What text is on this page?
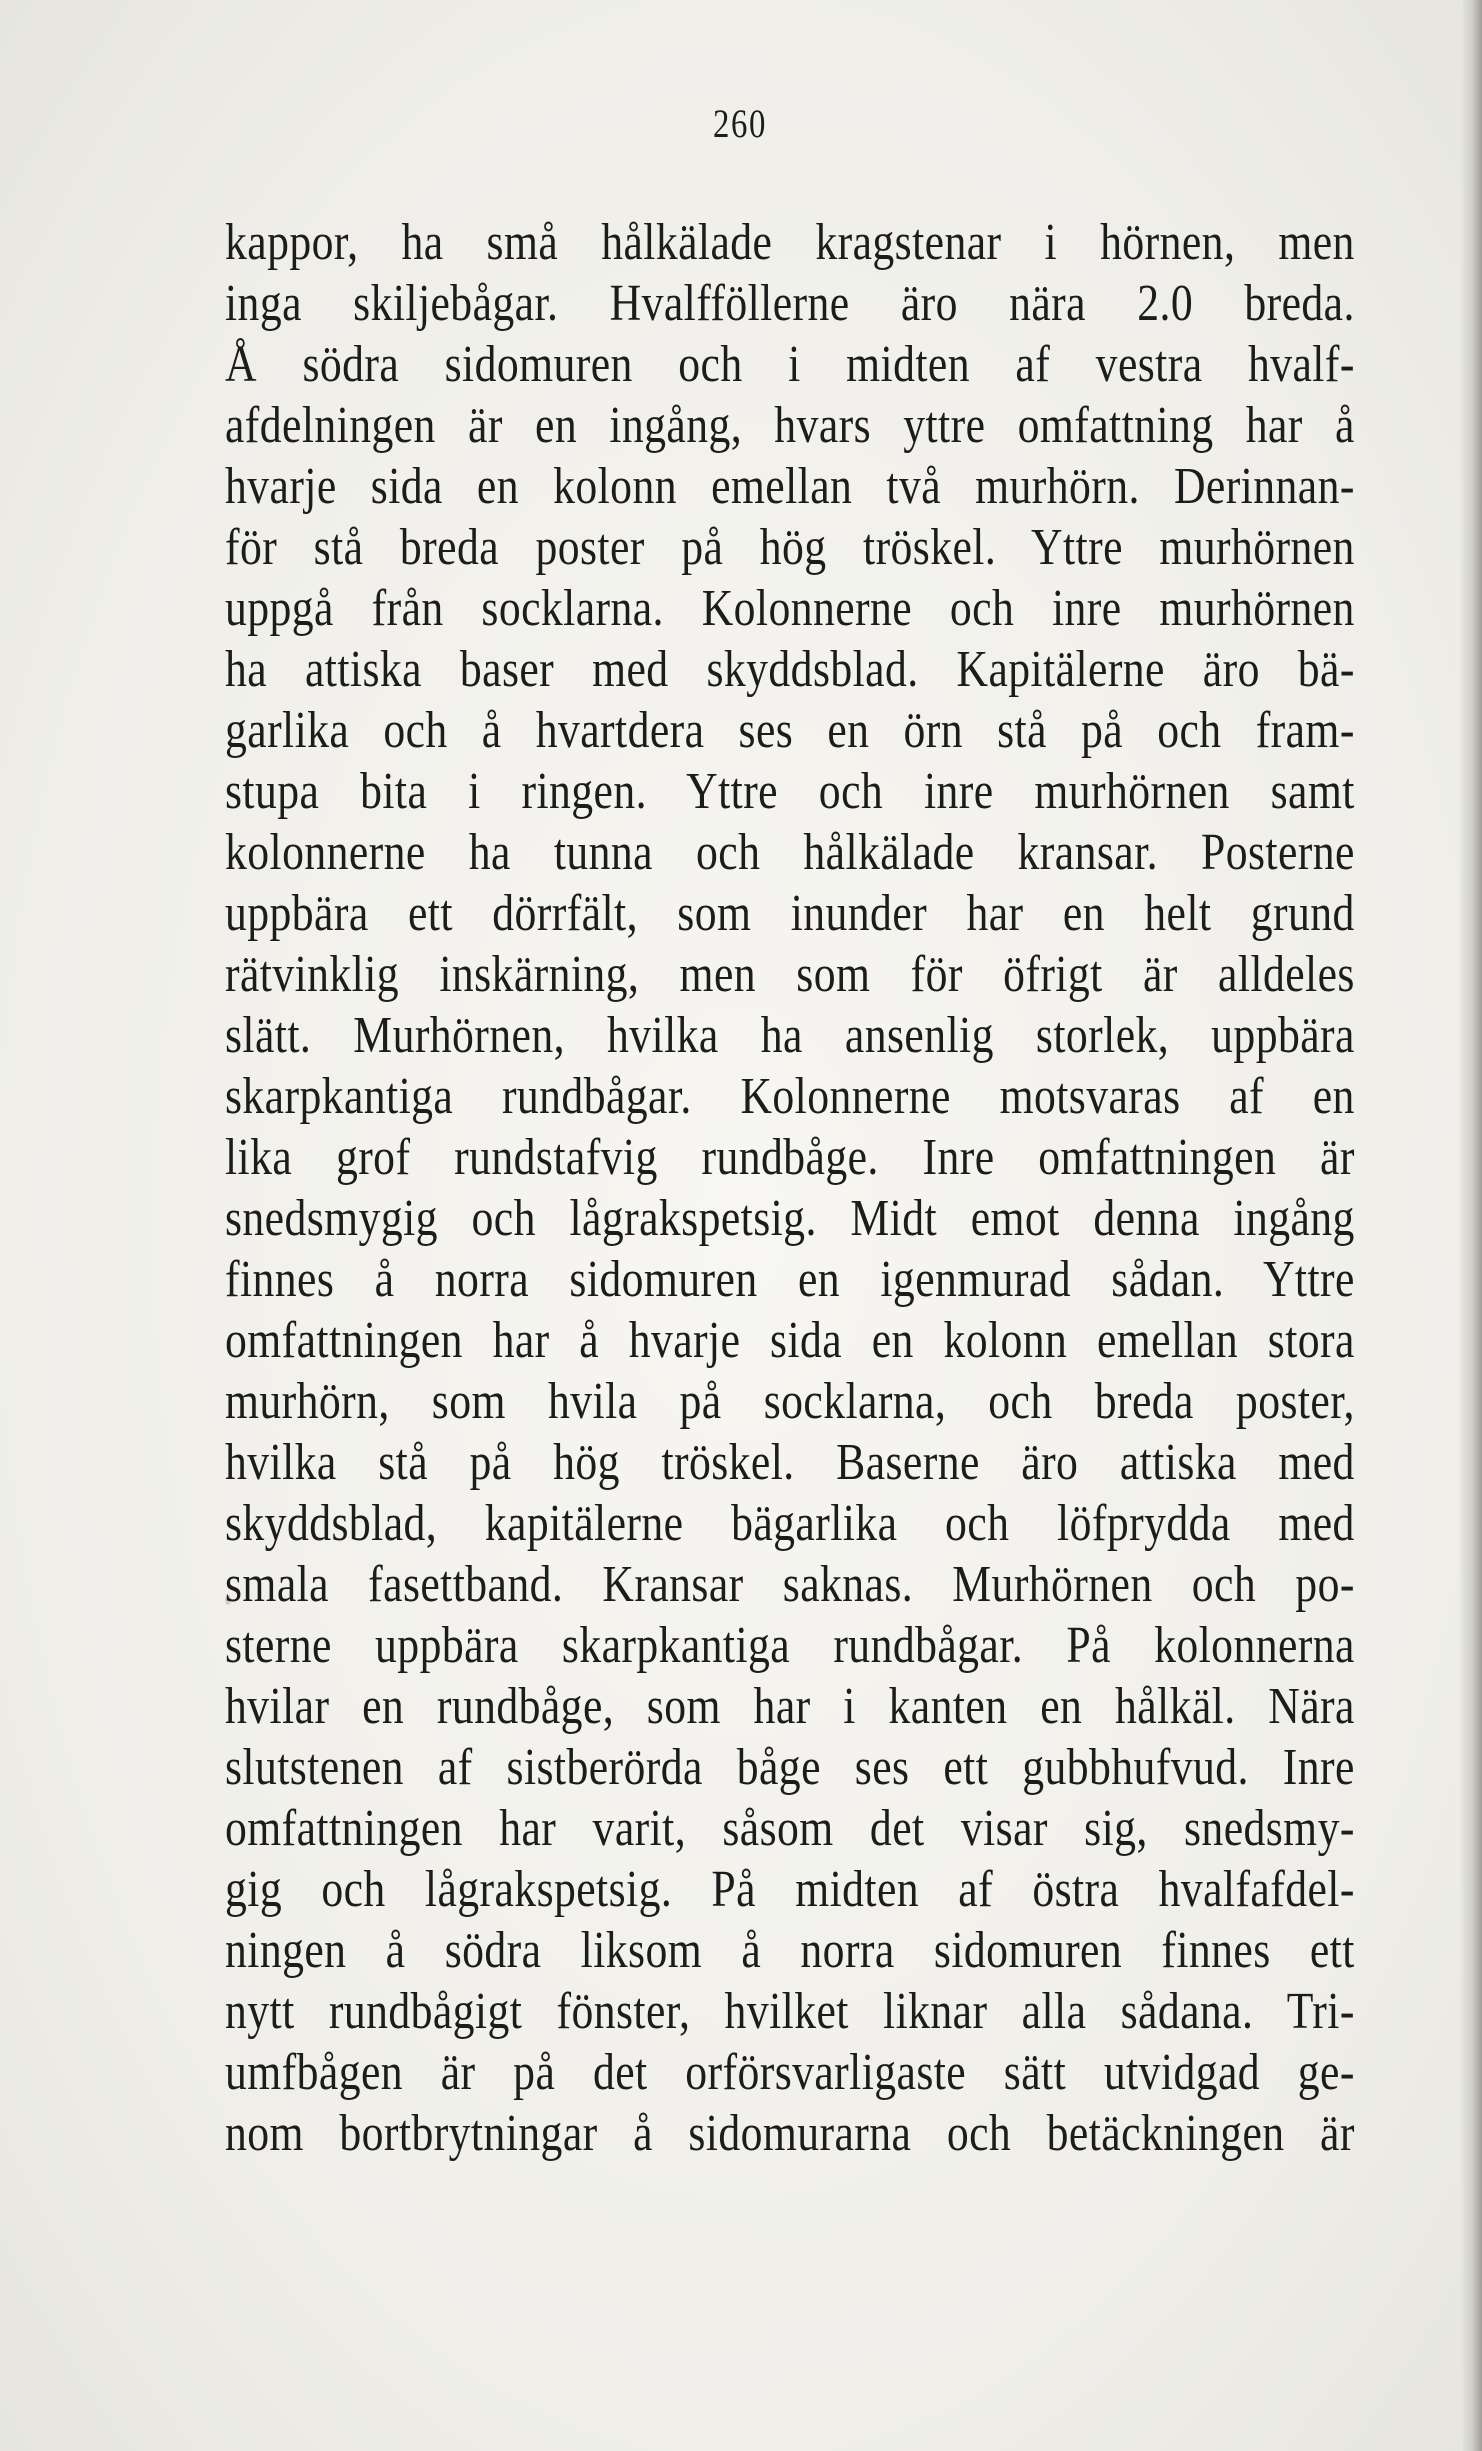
260
kappor, ha små hålkälade kragstenar i hörnen, men
inga skiljebågar. Hvalfföllerne äro nära 2.0 breda.
Å södra sidomuren och i midten af vestra hvalf-
afdelningen är en ingång, hvars yttre omfattning har å
hvarje sida en kolonn emellan två murhörn. Derinnan-
för stå breda poster på hög tröskel. Yttre murhörnen
uppgå från socklarna. Kolonnerne och inre murhörnen
ha attiska baser med skyddsblad. Kapitälerne äro bä-
garlika och å hvartdera ses en örn stå på och fram-
stupa bita i ringen. Yttre och inre murhörnen samt
kolonnerne ha tunna och hålkälade kransar. Posterne
uppbära ett dörrfält, som inunder har en helt grund
rätvinklig inskärning, men som för öfrigt är alldeles
slätt. Murhörnen, hvilka ha ansenlig storlek, uppbära
skarpkantiga rundbågar. Kolonnerne motsvaras af en
lika grof rundstafvig rundbåge. Inre omfattningen är
snedsmygig och lågrakspetsig. Midt emot denna ingång
finnes å norra sidomuren en igenmurad sådan. Yttre
omfattningen har å hvarje sida en kolonn emellan stora
murhörn, som hvila på socklarna, och breda poster,
hvilka stå på hög tröskel. Baserne äro attiska med
skyddsblad, kapitälerne bägarlika och löfprydda med
smala fasettband. Kransar saknas. Murhörnen och po-
sterne uppbära skarpkantiga rundbågar. På kolonnerna
hvilar en rundbåge, som har i kanten en hålkäl. Nära
slutstenen af sistberörda båge ses ett gubbhufvud. Inre
omfattningen har varit, såsom det visar sig, snedsmy-
gig och lågrakspetsig. På midten af östra hvalfafdel-
ningen å södra liksom å norra sidomuren finnes ett
nytt rundbågigt fönster, hvilket liknar alla sådana. Tri-
umfbågen är på det orförsvarligaste sätt utvidgad ge-
nom bortbrytningar å sidomurarna och betäckningen är
